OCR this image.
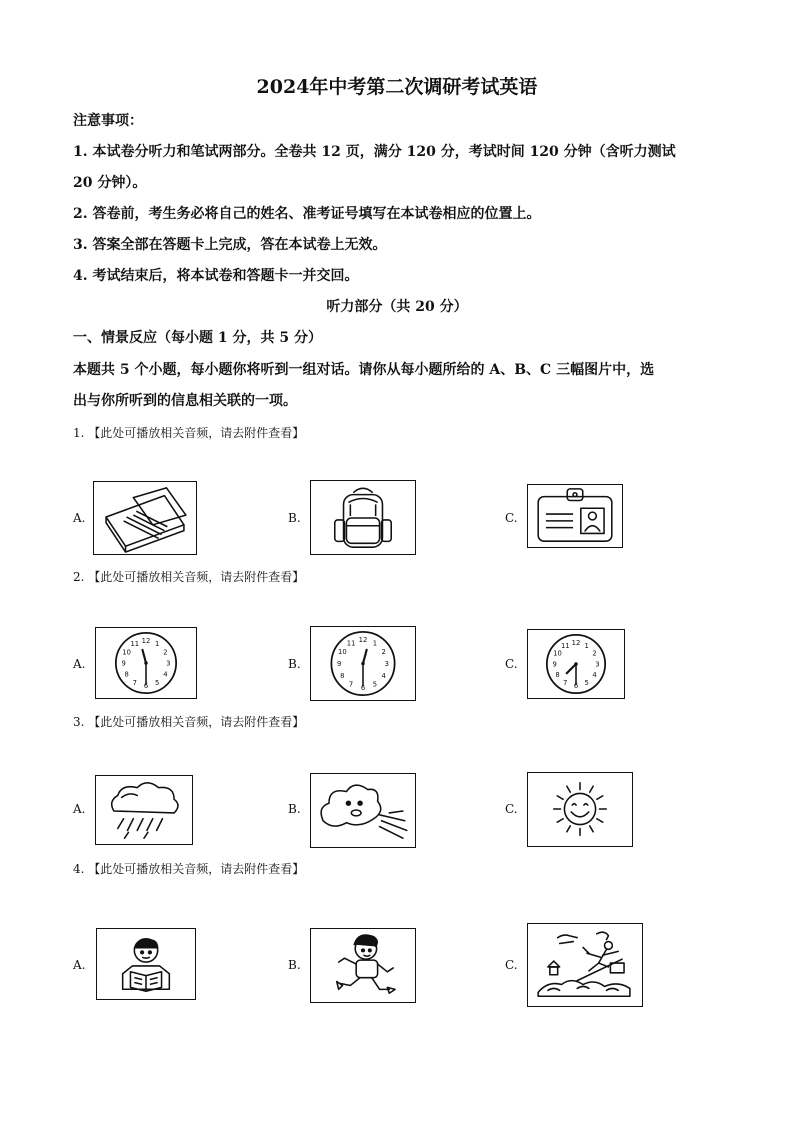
2024年中考第二次调研考试英语
注意事项：
1. 本试卷分听力和笔试两部分。全卷共 12 页，满分 120 分，考试时间 120 分钟（含听力测试
20 分钟）。
2. 答卷前，考生务必将自己的姓名、准考证号填写在本试卷相应的位置上。
3. 答案全部在答题卡上完成，答在本试卷上无效。
4. 考试结束后，将本试卷和答题卡一并交回。
听力部分（共 20 分）
一、情景反应（每小题 1 分，共 5 分）
本题共 5 个小题，每小题你将听到一组对话。请你从每小题所给的 A、B、C 三幅图片中，选
出与你所听到的信息相关联的一项。
1. 【此处可播放相关音频，请去附件查看】
A.	B.	C.
2. 【此处可播放相关音频，请去附件查看】
A.	B.	C.
12 1
2
3
4
5
6
7
8
9
10
11	12 1
2
3
4
5
6
7
8
9
10
11	12 1
2
3
4
5
6
7
8
9
10
11
3. 【此处可播放相关音频，请去附件查看】
A.	B.	C.
4. 【此处可播放相关音频，请去附件查看】
A.	B.	C.
